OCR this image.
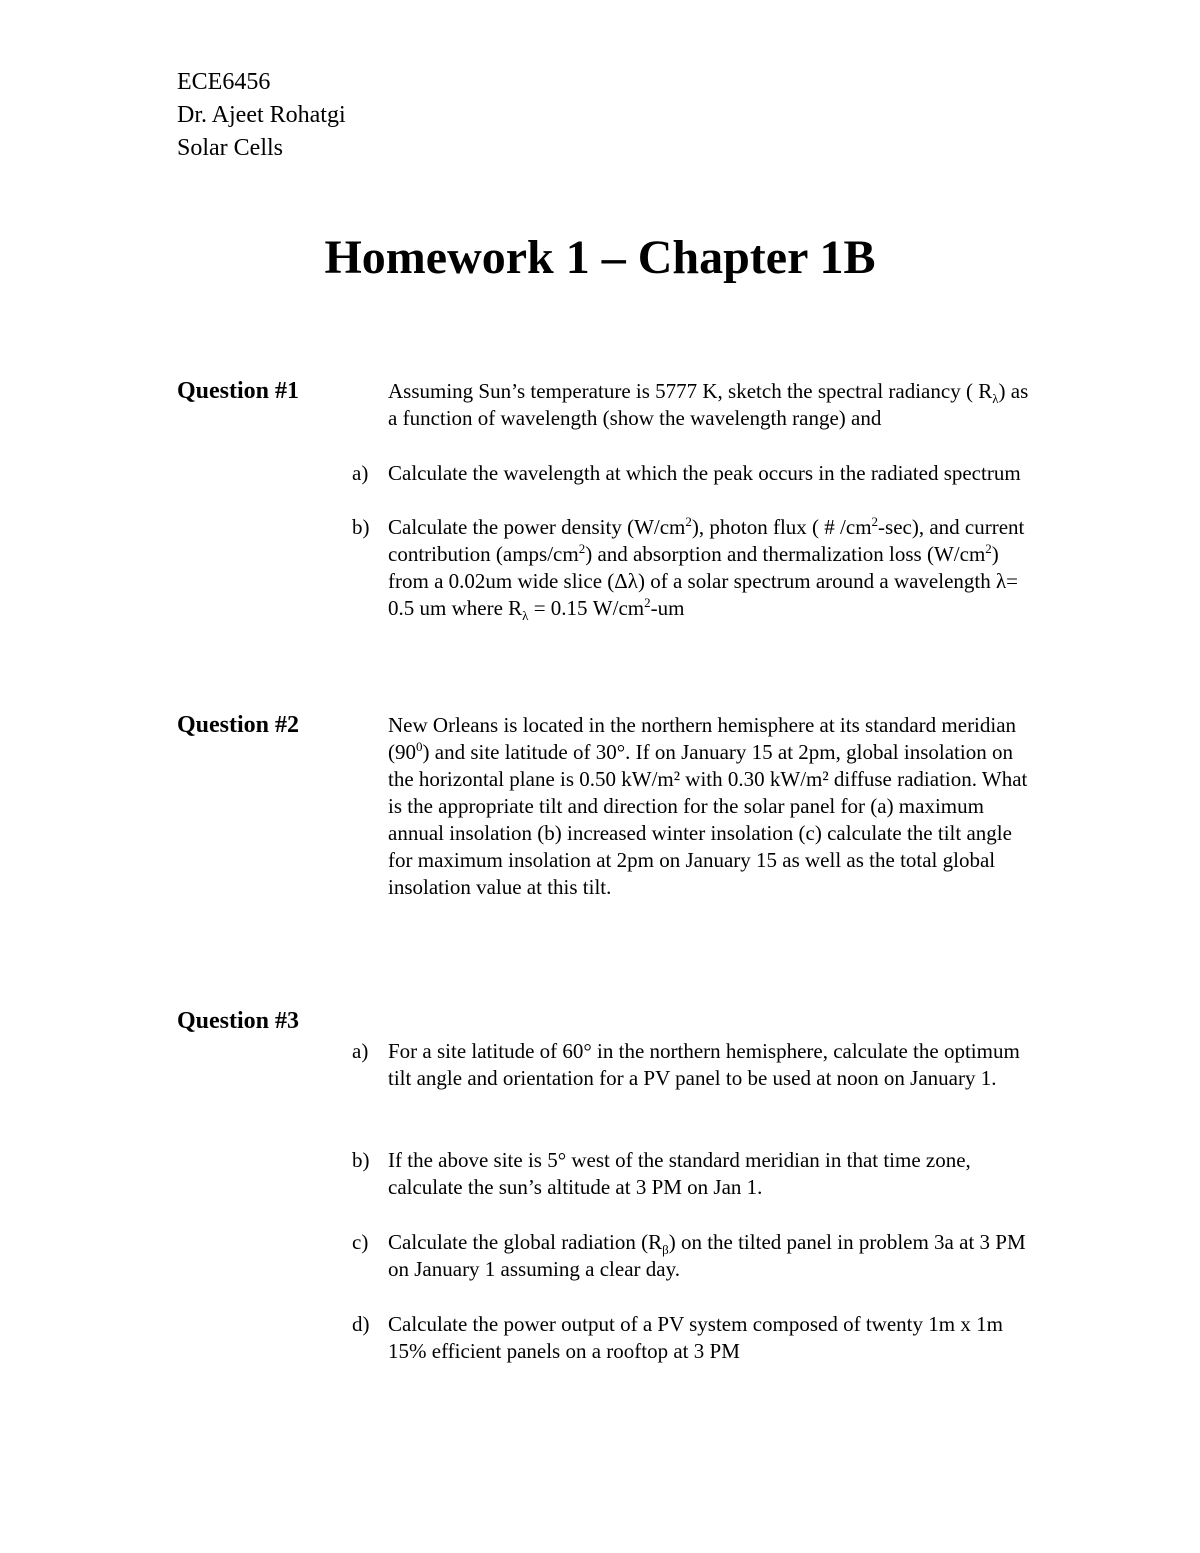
ECE6456
Dr. Ajeet Rohatgi
Solar Cells
Homework 1 – Chapter 1B
Question #1	Assuming Sun’s temperature is 5777 K, sketch the spectral radiancy ( $R_\lambda$) as a function of wavelength (show the wavelength range) and
a) Calculate the wavelength at which the peak occurs in the radiated spectrum
b) Calculate the power density $(W/cm^2)$, photon flux ( # $/cm^2-\sec$), and current contribution $(amps/cm^2)$ and absorption and thermalization loss $(W/cm^2)$ from a 0.02um wide slice (Δλ) of a solar spectrum around a wavelength λ= 0.5 um where $R_\lambda = 0.15$ $W/cm^2-um$
Question #2	New Orleans is located in the northern hemisphere at its standard meridian $(90^0)$ and site latitude of 30°. If on January 15 at 2pm, global insolation on the horizontal plane is 0.50 kW/m² with 0.30 kW/m² diffuse radiation. What is the appropriate tilt and direction for the solar panel for (a) maximum annual insolation (b) increased winter insolation (c) calculate the tilt angle for maximum insolation at 2pm on January 15 as well as the total global insolation value at this tilt.
Question #3
a) For a site latitude of 60° in the northern hemisphere, calculate the optimum tilt angle and orientation for a PV panel to be used at noon on January 1.
b) If the above site is 5° west of the standard meridian in that time zone, calculate the sun’s altitude at 3 PM on Jan 1.
c) Calculate the global radiation $(R_\beta)$ on the tilted panel in problem 3a at 3 PM on January 1 assuming a clear day.
d) Calculate the power output of a PV system composed of twenty 1m x 1m 15% efficient panels on a rooftop at 3 PM
